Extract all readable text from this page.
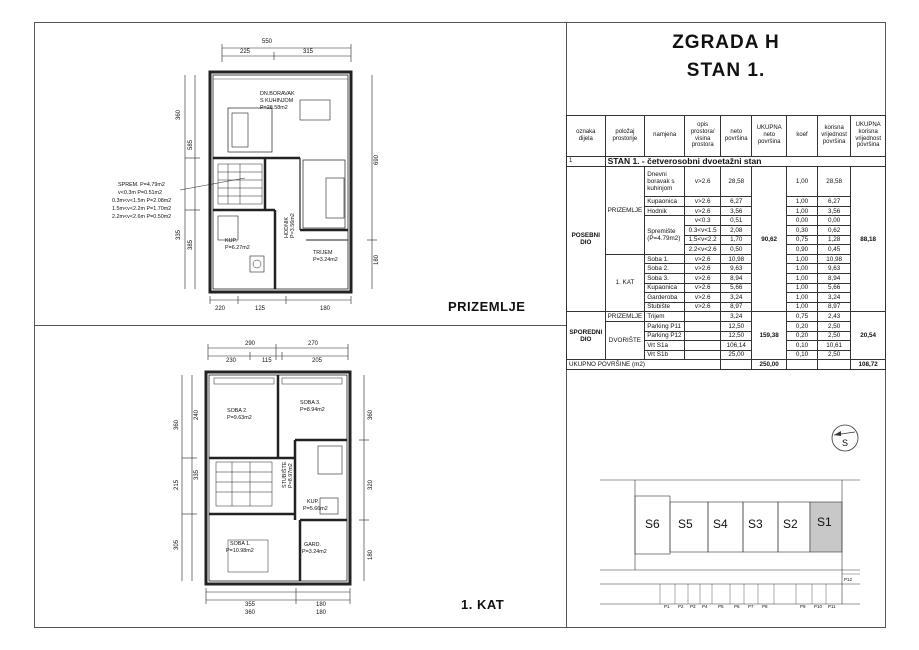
550
225	315
220	125	180
360
585
335
385
690
180
DN.BORAVAK
S KUHINJOM
P=28.58m2
KUP.
P=6.27m2
HODNIK P=3.56m2
TRIJEM
P=3.24m2
SPREM. P=4.79m2
v<0.3m P=0.51m2
0.3m<v<1.5m P=2.08m2
1.5m<v<2.2m P=1.70m2
2.2m<v<2.6m P=0.50m2
290	270
230	115	205
355	180
360	180
240
360
215
335
305
360
320
180
SOBA 2.
P=9.63m2
SOBA 3.
P=8.94m2
STUBIŠTE P=8.97m2
KUP.
P=5.66m2
SOBA 1.
P=10.98m2
GARD.
P=3.24m2
PRIZEMLJE
1. KAT
ZGRADA H
STAN 1.

oznaka dijela	položaj prostorije	namjena	opis prostora/ visina prostora	neto površina	UKUPNA neto površina	koef	korisna vrijednost površina	UKUPNA korisna vrijednost površina
1	STAN 1. - četverosobni dvoetažni stan							
POSEBNI DIO	PRIZEMLJE	Dnevni boravak s kuhinjom	v>2.6	28,58	90,62	1,00	28,58	88,18
		Kupaonica	v>2.6	6,27		1,00	6,27	
		Hodnik	v>2.6	3,56		1,00	3,56	

		Spremište
(P=4.79m2)	v<0.3	0,51		0,00	0,00	
			0.3<v<1.5	2,08		0,30	0,62	
			1.5<v<2.2	1,70		0,75	1,28	
			2.2<v<2.6	0,50		0,90	0,45	
	1. KAT	Soba 1.	v>2.6	10,98		1,00	10,98	
		Soba 2.	v>2.6	9,63		1,00	9,63	
		Soba 3.	v>2.6	8,94		1,00	8,94	
		Kupaonica	v>2.6	5,66		1,00	5,66	
		Garderoba	v>2.6	3,24		1,00	3,24	
		Stubište	v>2.6	8,97		1,00	8,97	
SPOREDNI DIO	PRIZEMLJE	Trijem		3,24	159,38	0,75	2,43	20,54
	DVORIŠTE	Parking P11		12,50		0,20	2,50	
		Parking P12		12,50		0,20	2,50	
		Vrt S1a		106,14		0,10	10,61	
		Vrt S1b		25,00		0,10	2,50	
UKUPNO POVRŠINE (m2)					250,00			108,72
S
S6 S5 S4 S3 S2 S1
P1 P2 P3 P4 P5 P6 P7 P8	P9 P10 P11
P12
